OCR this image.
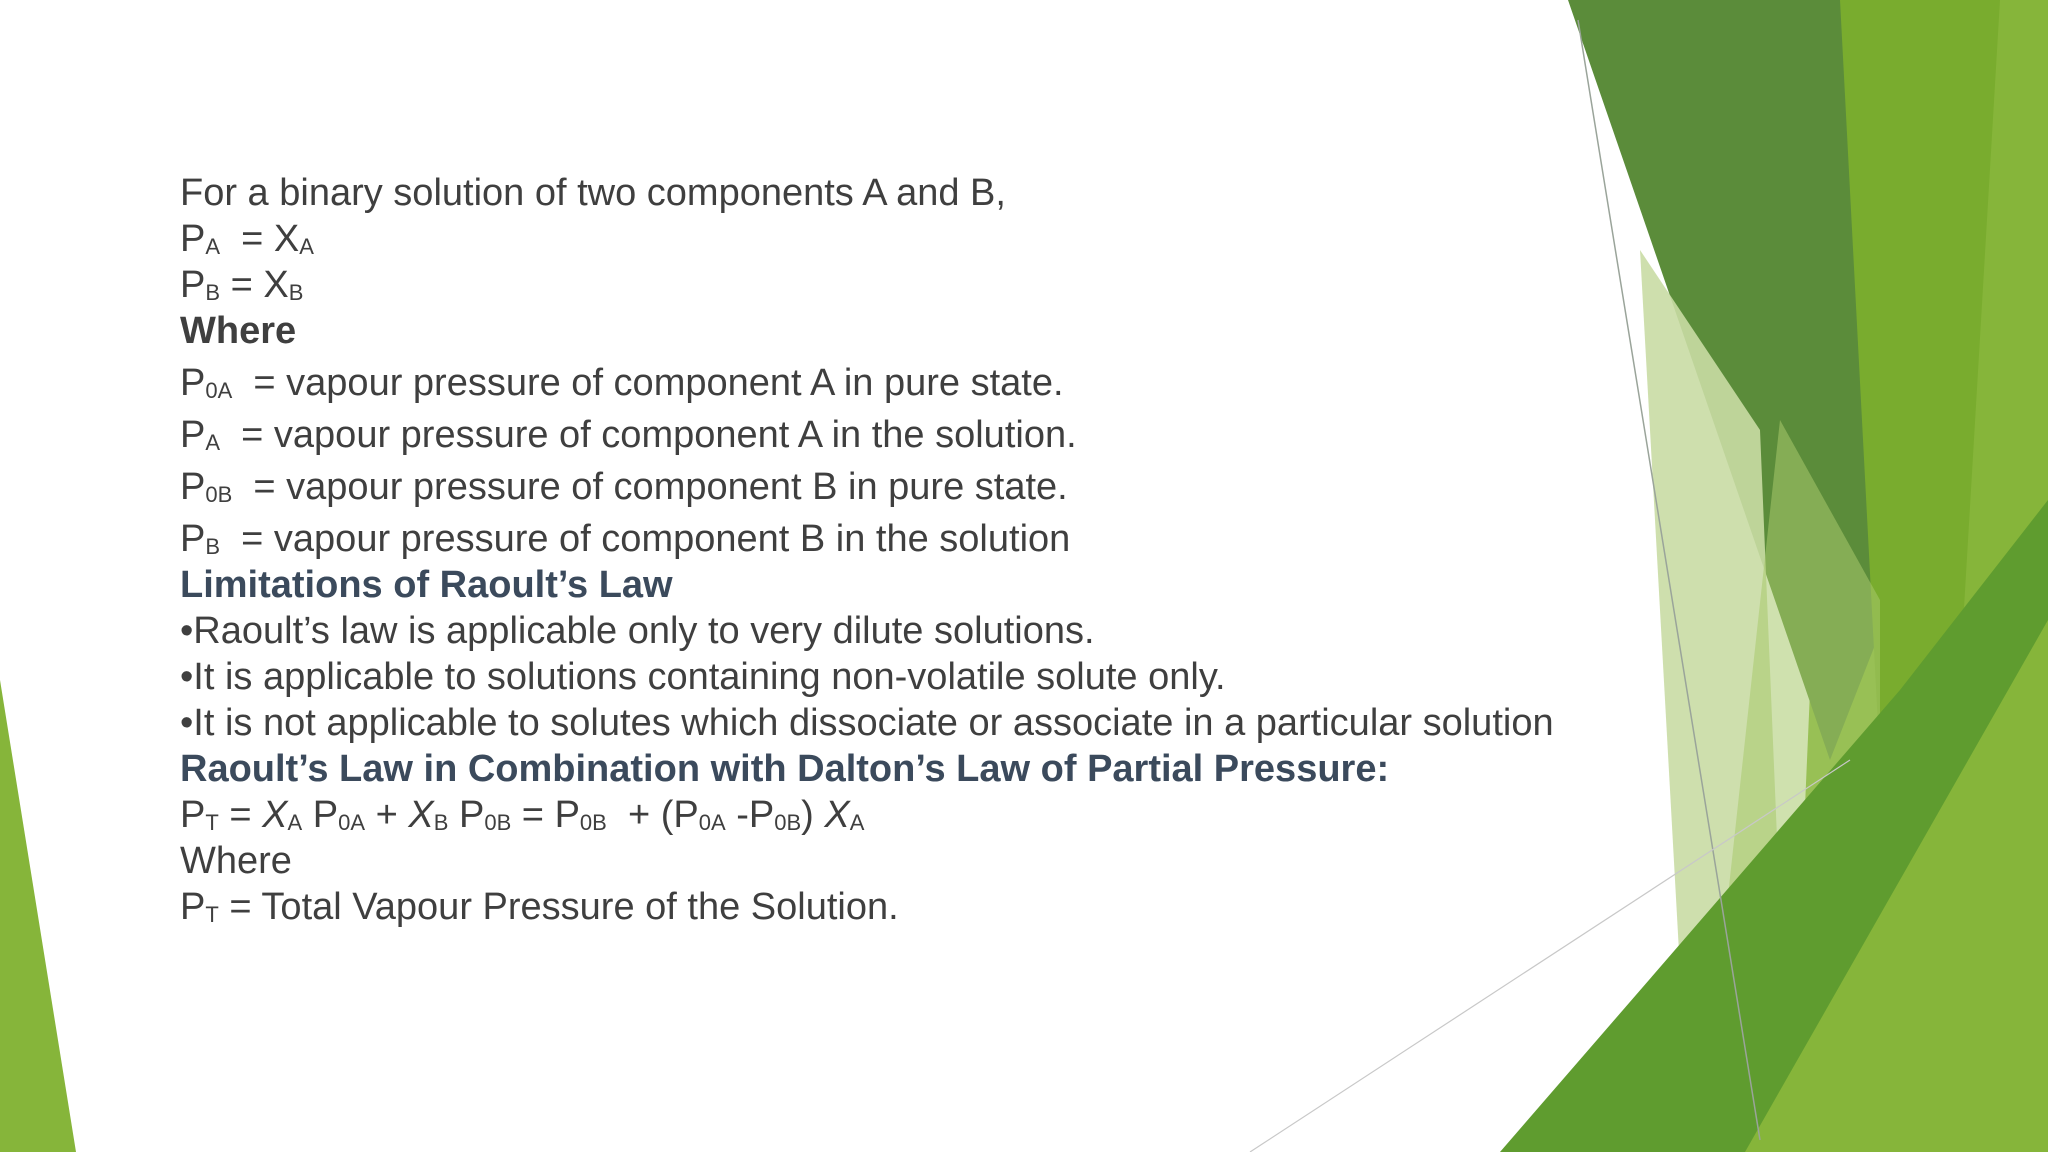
For a binary solution of two components A and B,
$P_A = X_A$
$P_B = X_B$
Where
$P_0$ A = vapour pressure of component A in pure state.
$P_A$ = vapour pressure of component A in the solution.
$P_0$ B = vapour pressure of component B in pure state.
$P_B$ = vapour pressure of component B in the solution
Limitations of Raoult’s Law
•Raoult’s law is applicable only to very dilute solutions.
•It is applicable to solutions containing non-volatile solute only.
•It is not applicable to solutes which dissociate or associate in a particular solution
Raoult’s Law in Combination with Dalton’s Law of Partial Pressure:
$P_T = X_A$
$P_0$ $A + X_B$
$P_0$ $B = P_0$ $B + (P_0$ A $-P_0$ B ) $X_A$
Where
$P_T$ = Total Vapour Pressure of the Solution.
